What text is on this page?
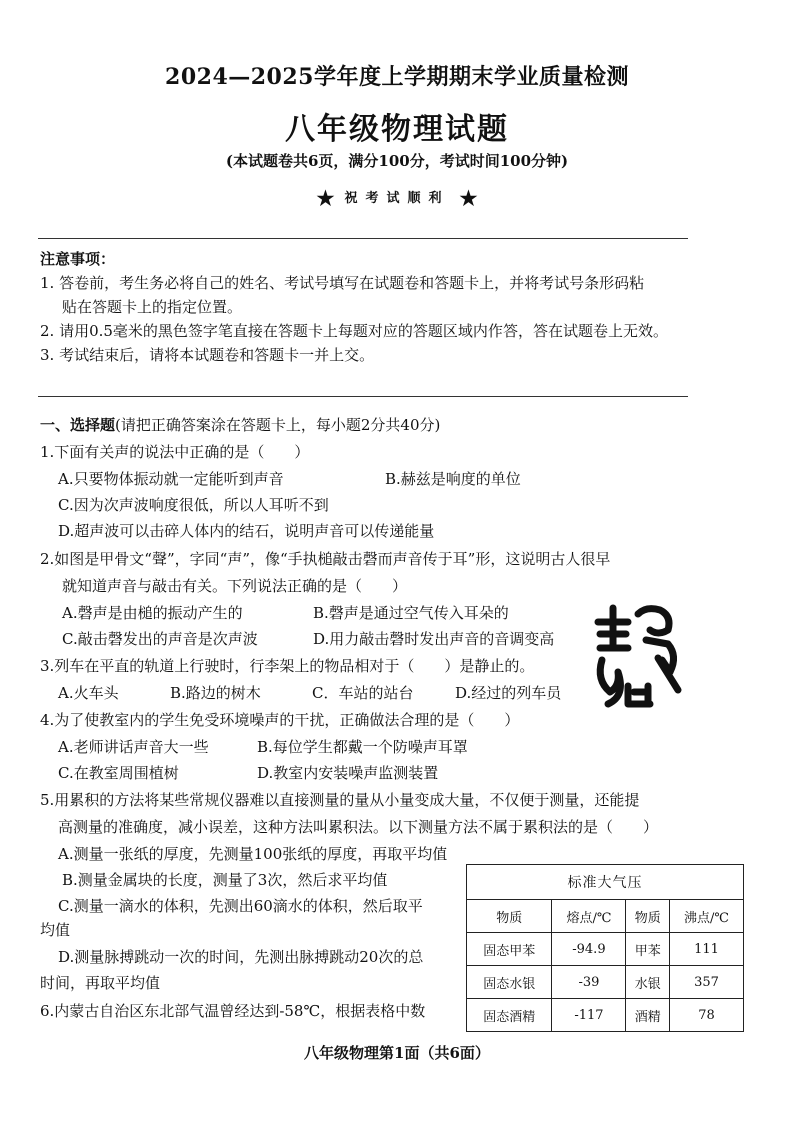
2024—2025学年度上学期期末学业质量检测
八年级物理试题
(本试题卷共6页，满分100分，考试时间100分钟)
★ 祝考试顺利 ★
注意事项：
1. 答卷前，考生务必将自己的姓名、考试号填写在试题卷和答题卡上，并将考试号条形码粘
贴在答题卡上的指定位置。
2. 请用0.5毫米的黑色签字笔直接在答题卡上每题对应的答题区域内作答，答在试题卷上无效。
3. 考试结束后，请将本试题卷和答题卡一并上交。
一、选择题(请把正确答案涂在答题卡上，每小题2分共40分)
1.下面有关声的说法中正确的是（　　）
A.只要物体振动就一定能听到声音	B.赫兹是响度的单位
C.因为次声波响度很低，所以人耳听不到
D.超声波可以击碎人体内的结石，说明声音可以传递能量
2.如图是甲骨文“聲”，字同“声”，像“手执槌敲击磬而声音传于耳”形，这说明古人很早
就知道声音与敲击有关。下列说法正确的是（　　）
A.磬声是由槌的振动产生的	B.磬声是通过空气传入耳朵的
C.敲击磬发出的声音是次声波	D.用力敲击磬时发出声音的音调变高
3.列车在平直的轨道上行驶时，行李架上的物品相对于（　　）是静止的。
A.火车头	B.路边的树木	C．车站的站台	D.经过的列车员
4.为了使教室内的学生免受环境噪声的干扰，正确做法合理的是（　　）
A.老师讲话声音大一些	B.每位学生都戴一个防噪声耳罩
C.在教室周围植树	D.教室内安装噪声监测装置
5.用累积的方法将某些常规仪器难以直接测量的量从小量变成大量，不仅便于测量，还能提
高测量的准确度，减小误差，这种方法叫累积法。以下测量方法不属于累积法的是（　　）
A.测量一张纸的厚度，先测量100张纸的厚度，再取平均值
B.测量金属块的长度，测量了3次，然后求平均值
C.测量一滴水的体积，先测出60滴水的体积，然后取平
均值
D.测量脉搏跳动一次的时间，先测出脉搏跳动20次的总
时间，再取平均值
6.内蒙古自治区东北部气温曾经达到-58℃，根据表格中数
标准大气压			
物质	熔点/℃	物质	沸点/℃
固态甲苯	-94.9	甲苯	111
固态水银	-39	水银	357
固态酒精	-117	酒精	78
八年级物理第1面（共6面）
